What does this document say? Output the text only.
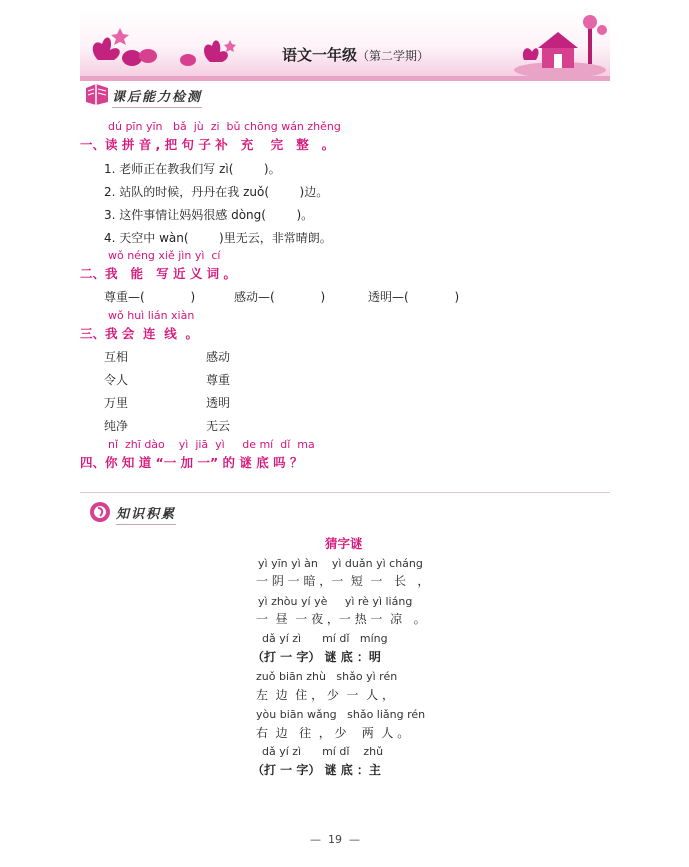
语文一年级（第二学期）
课后能力检测
dú pīn yīn   bǎ  jù  zi  bǔ chōng wán zhěng
一、读 拼 音 , 把 句 子 补   充    完   整   。
1. 老师正在教我们写 zì(        )。
2. 站队的时候，丹丹在我 zuǒ(        )边。
3. 这件事情让妈妈很感 dòng(        )。
4. 天空中 wàn(        )里无云，非常晴朗。
wǒ néng xiě jìn yì  cí
二、我   能   写 近 义 词 。
尊重—(            )	感动—(            )	透明—(            )
wǒ huì lián xiàn
三、我 会  连  线  。
互相
令人
万里
纯净
感动
尊重
透明
无云
nǐ  zhī dào    yì  jiā  yì     de mí  dǐ  ma
四、你 知 道 “一 加 一” 的 谜 底 吗 ？
知识积累
猜字谜
yì yīn yì àn    yì duǎn yì cháng
一 阴 一 暗 ，一  短  一   长   ，
yì zhòu yí yè     yì rè yì liáng
一  昼  一 夜 ，一 热 一  凉   。
dǎ yí zì      mí dǐ   míng
（打 一 字） 谜 底 ：明
zuǒ biān zhù   shǎo yì rén
左  边  住 ， 少  一  人 ，
yòu biān wǎng   shǎo liǎng rén
右  边   往  ， 少    两  人 。
dǎ yí zì      mí dǐ    zhǔ
（打 一 字） 谜 底 ：主
—  19  —
